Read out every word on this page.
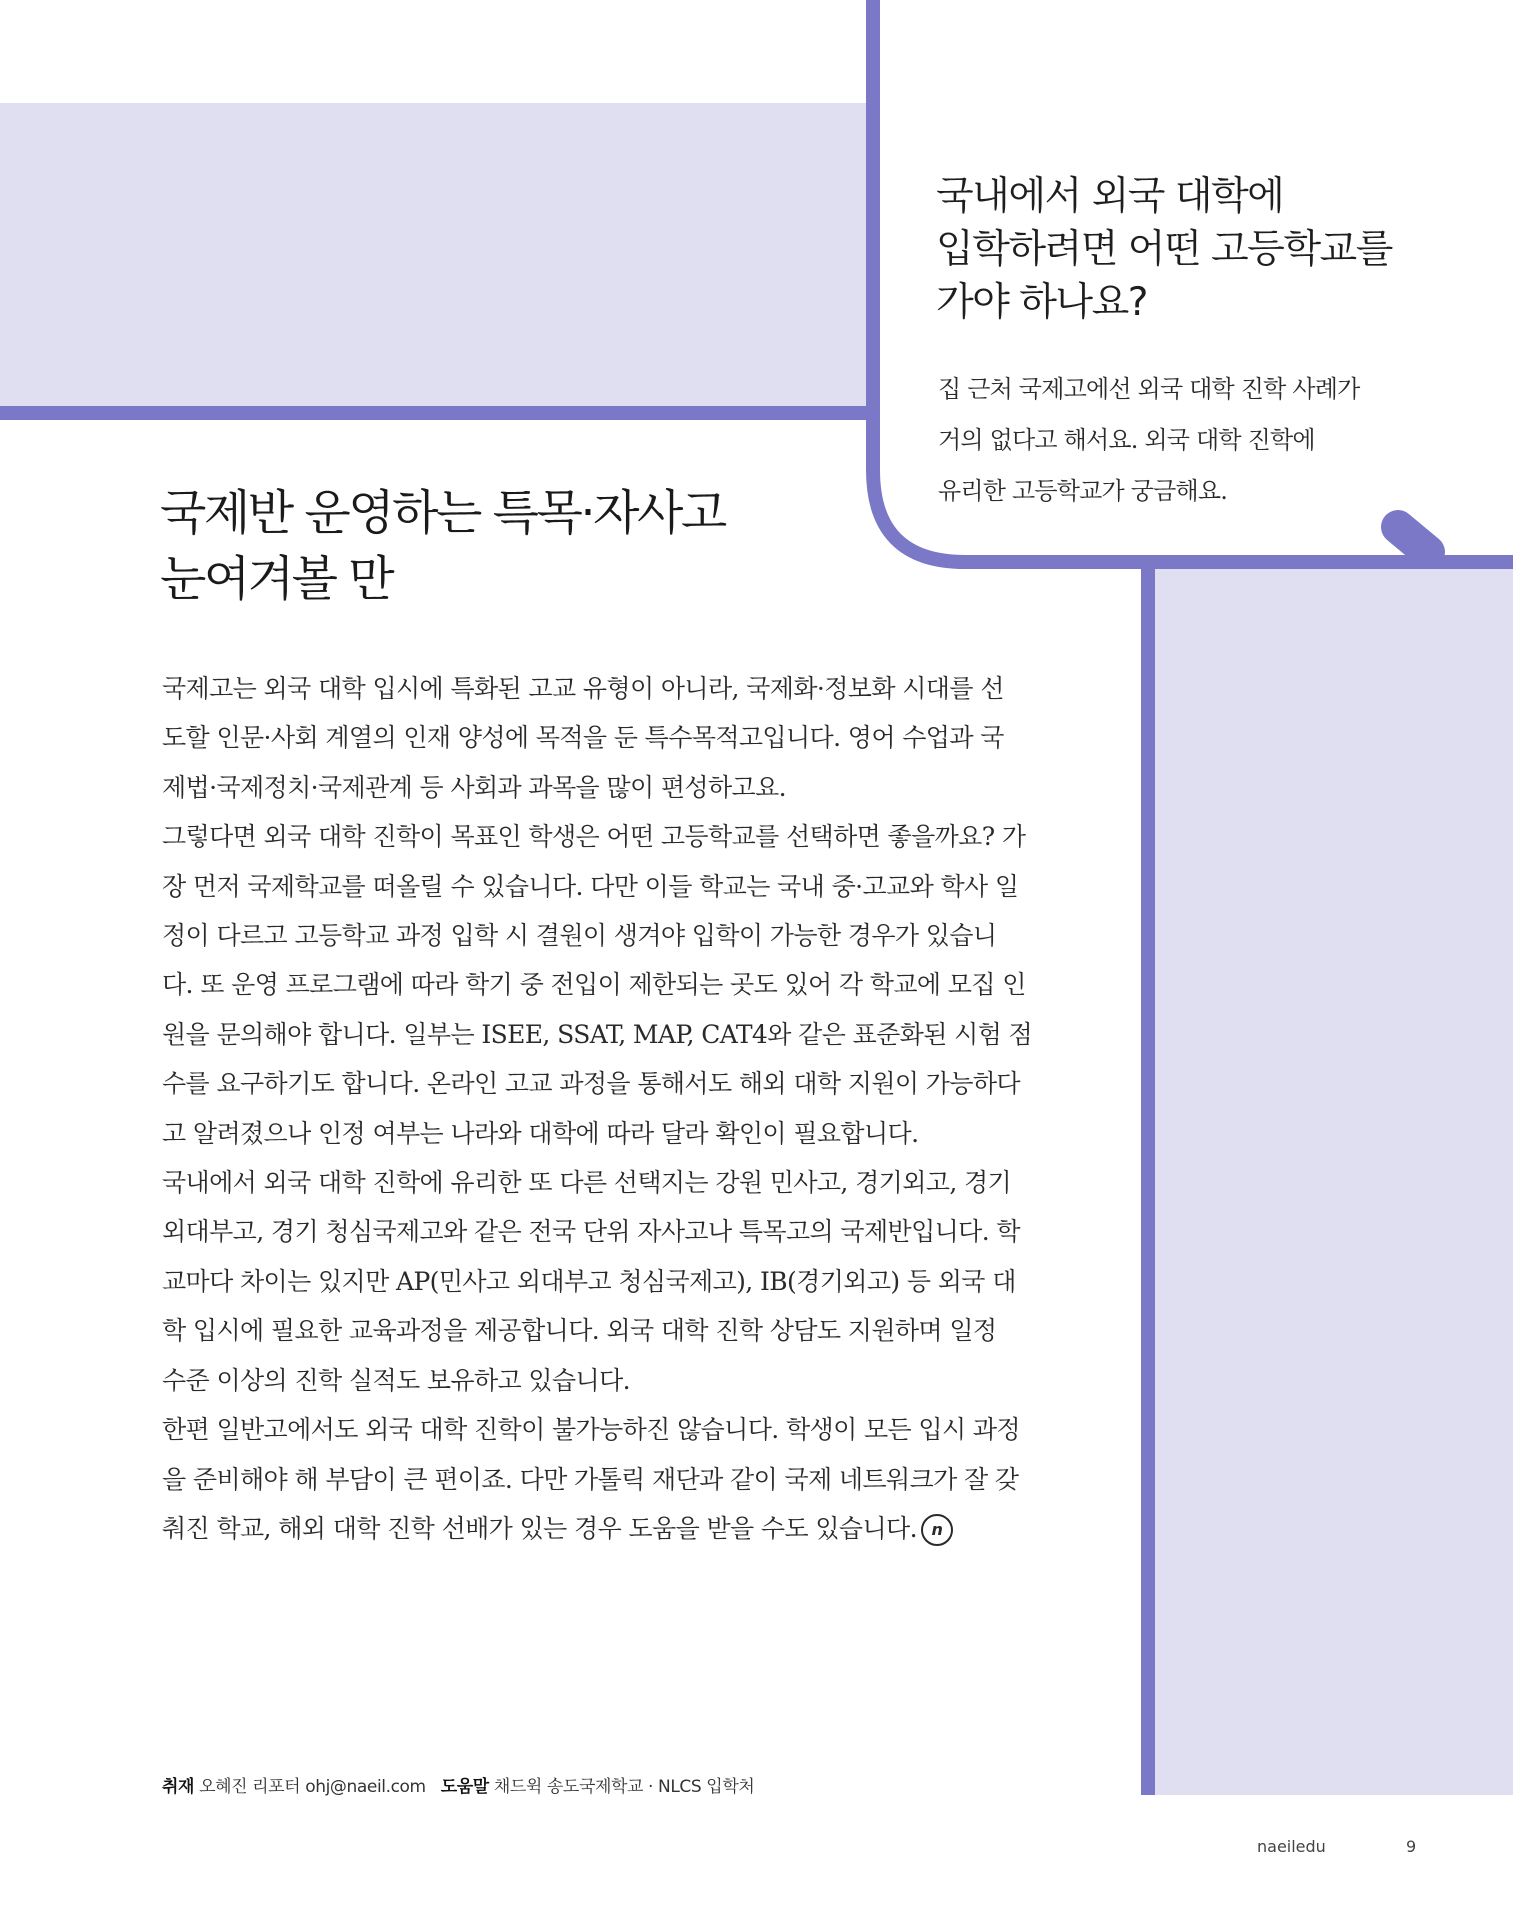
국내에서 외국 대학에
입학하려면 어떤 고등학교를
가야 하나요?
집 근처 국제고에선 외국 대학 진학 사례가
거의 없다고 해서요. 외국 대학 진학에
유리한 고등학교가 궁금해요.
국제반 운영하는 특목·자사고
눈여겨볼 만
국제고는 외국 대학 입시에 특화된 고교 유형이 아니라, 국제화·정보화 시대를 선
도할 인문·사회 계열의 인재 양성에 목적을 둔 특수목적고입니다. 영어 수업과 국
제법·국제정치·국제관계 등 사회과 과목을 많이 편성하고요.
그렇다면 외국 대학 진학이 목표인 학생은 어떤 고등학교를 선택하면 좋을까요? 가
장 먼저 국제학교를 떠올릴 수 있습니다. 다만 이들 학교는 국내 중·고교와 학사 일
정이 다르고 고등학교 과정 입학 시 결원이 생겨야 입학이 가능한 경우가 있습니
다. 또 운영 프로그램에 따라 학기 중 전입이 제한되는 곳도 있어 각 학교에 모집 인
원을 문의해야 합니다. 일부는 ISEE, SSAT, MAP, CAT4와 같은 표준화된 시험 점
수를 요구하기도 합니다. 온라인 고교 과정을 통해서도 해외 대학 지원이 가능하다
고 알려졌으나 인정 여부는 나라와 대학에 따라 달라 확인이 필요합니다.
국내에서 외국 대학 진학에 유리한 또 다른 선택지는 강원 민사고, 경기외고, 경기
외대부고, 경기 청심국제고와 같은 전국 단위 자사고나 특목고의 국제반입니다. 학
교마다 차이는 있지만 AP(민사고 외대부고 청심국제고), IB(경기외고) 등 외국 대
학 입시에 필요한 교육과정을 제공합니다. 외국 대학 진학 상담도 지원하며 일정
수준 이상의 진학 실적도 보유하고 있습니다.
한편 일반고에서도 외국 대학 진학이 불가능하진 않습니다. 학생이 모든 입시 과정
을 준비해야 해 부담이 큰 편이죠. 다만 가톨릭 재단과 같이 국제 네트워크가 잘 갖
춰진 학교, 해외 대학 진학 선배가 있는 경우 도움을 받을 수도 있습니다. n
취재 오혜진 리포터 ohj@naeil.com 도움말 채드윅 송도국제학교 · NLCS 입학처
naeiledu	9
